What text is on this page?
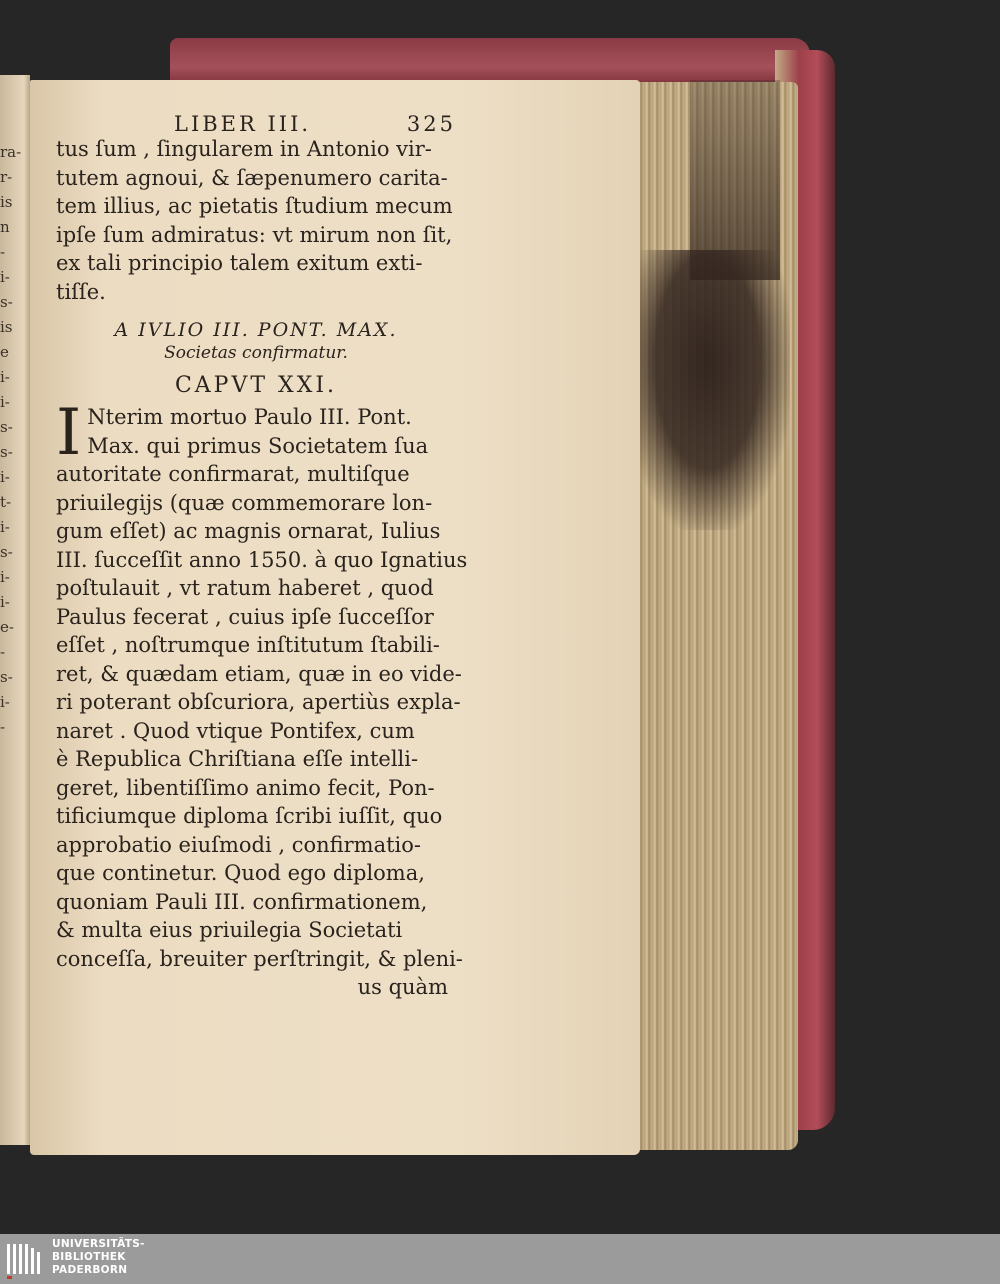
ra-
r-
is
n
-
i-
s-
is
e
i-
i-
s-
s-
i-
t-
i-
s-
i-
i-
e-
-
s-
i-
-
LIBER III.	325
tus ſum , ſingularem in Antonio vir-
tutem agnoui, & ſæpenumero carita-
tem illius, ac pietatis ſtudium mecum
ipſe ſum admiratus: vt mirum non ſit,
ex tali principio talem exitum exti-
tiſſe.
A IVLIO III. PONT. MAX.
Societas confirmatur.
CAPVT XXI.
I Nterim mortuo Paulo III. Pont.
Max. qui primus Societatem ſua
autoritate confirmarat, multiſque
priuilegijs (quæ commemorare lon-
gum eſſet) ac magnis ornarat, Iulius
III. ſucceſſit anno 1550. à quo Ignatius
poſtulauit , vt ratum haberet , quod
Paulus fecerat , cuius ipſe ſucceſſor
eſſet , noſtrumque inſtitutum ſtabili-
ret, & quædam etiam, quæ in eo vide-
ri poterant obſcuriora, apertiùs expla-
naret . Quod vtique Pontifex, cum
è Republica Chriſtiana eſſe intelli-
geret, libentiſſimo animo fecit, Pon-
tificiumque diploma ſcribi iuſſit, quo
approbatio eiuſmodi , confirmatio-
que continetur. Quod ego diploma,
quoniam Pauli III. confirmationem,
& multa eius priuilegia Societati
conceſſa, breuiter perſtringit, & pleni-
us quàm
UNIVERSITÄTS-
BIBLIOTHEK
PADERBORN
